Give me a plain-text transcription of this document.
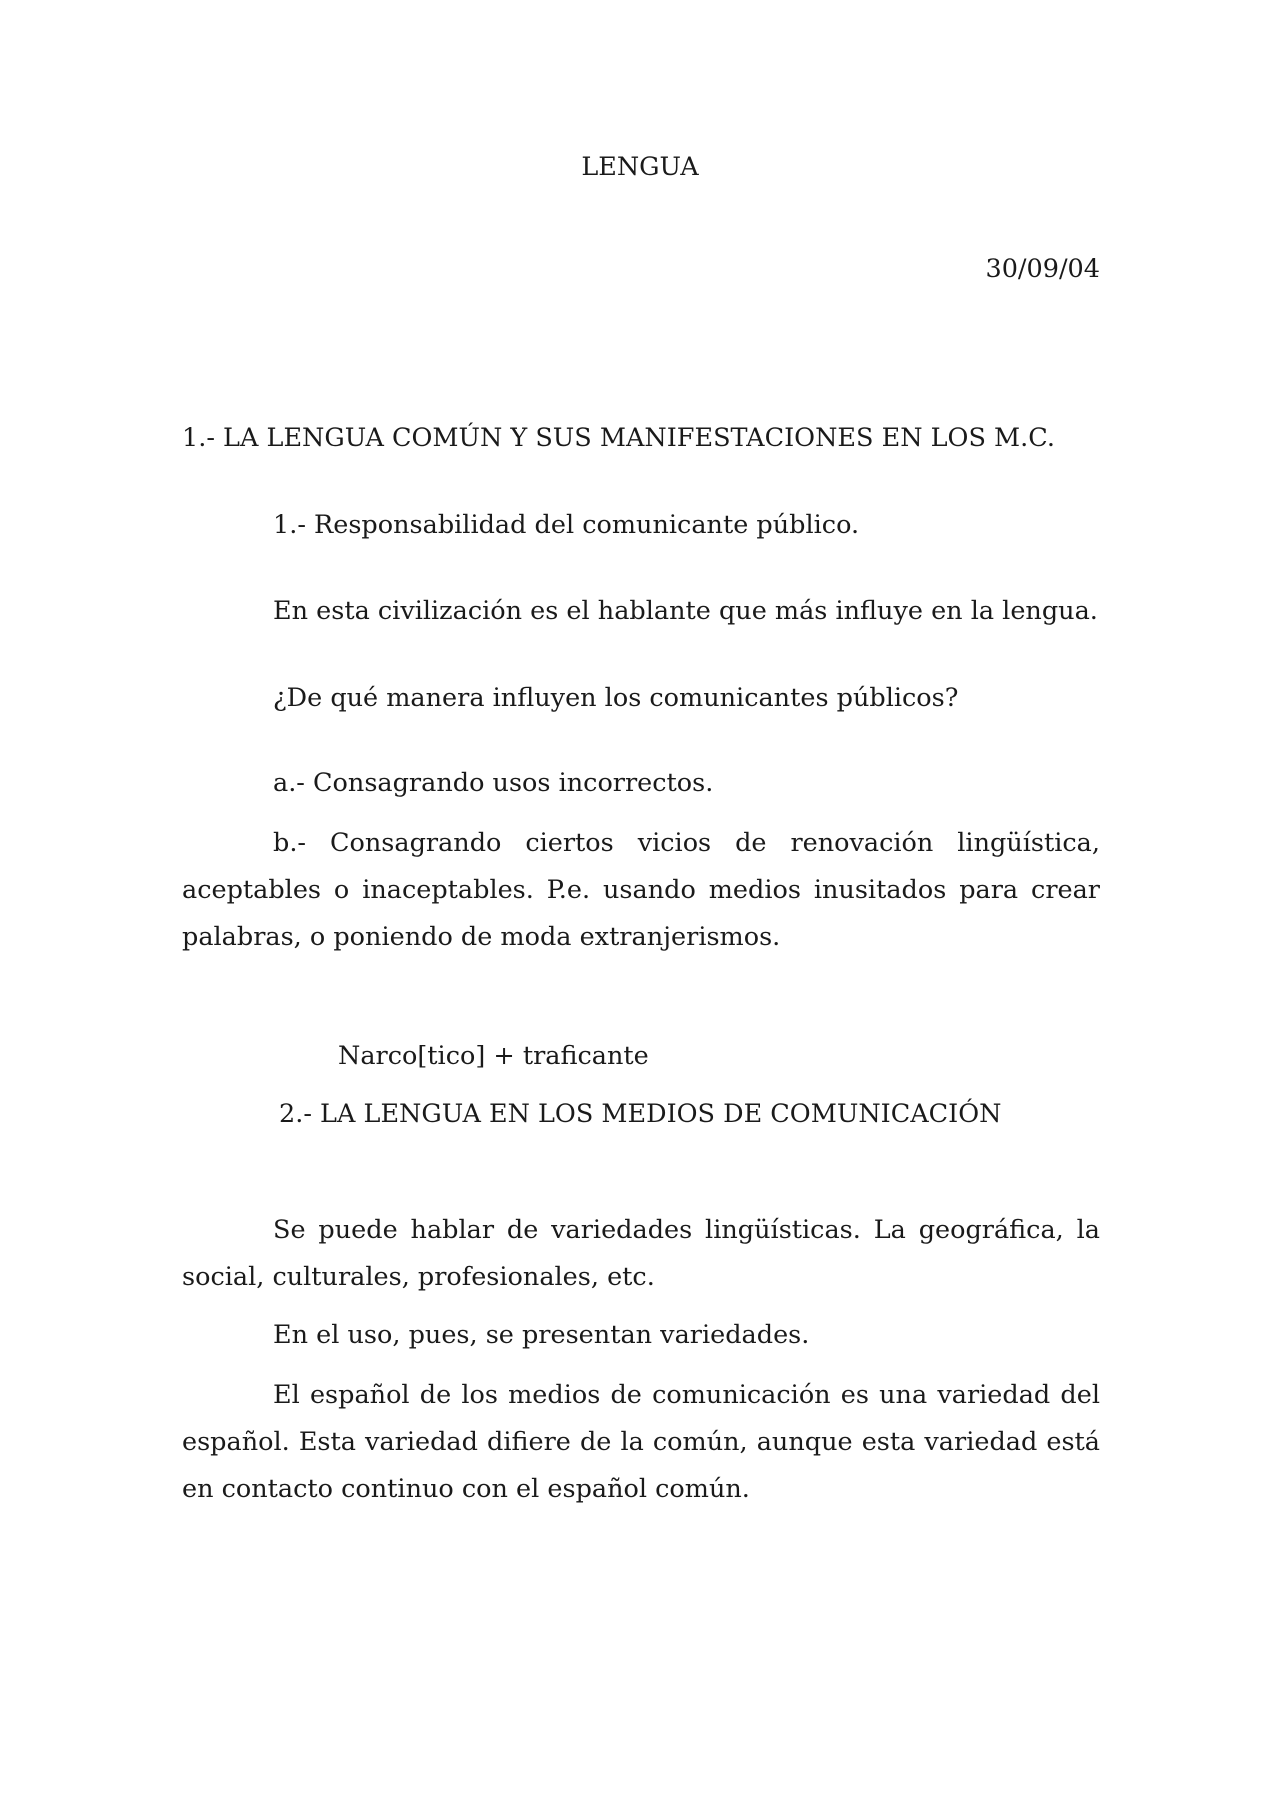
LENGUA
30/09/04
1.- LA LENGUA COMÚN Y SUS MANIFESTACIONES EN LOS M.C.
1.- Responsabilidad del comunicante público.
En esta civilización es el hablante que más influye en la lengua.
¿De qué manera influyen los comunicantes públicos?
a.- Consagrando usos incorrectos.

b.- Consagrando ciertos vicios de renovación lingüística, aceptables o inaceptables. P.e. usando medios inusitados para crear palabras, o poniendo de moda extranjerismos.

Narco[tico] + traficante
2.- LA LENGUA EN LOS MEDIOS DE COMUNICACIÓN

Se puede hablar de variedades lingüísticas. La geográfica, la social, culturales, profesionales, etc.

En el uso, pues, se presentan variedades.

El español de los medios de comunicación es una variedad del español. Esta variedad difiere de la común, aunque esta variedad está en contacto continuo con el español común.
